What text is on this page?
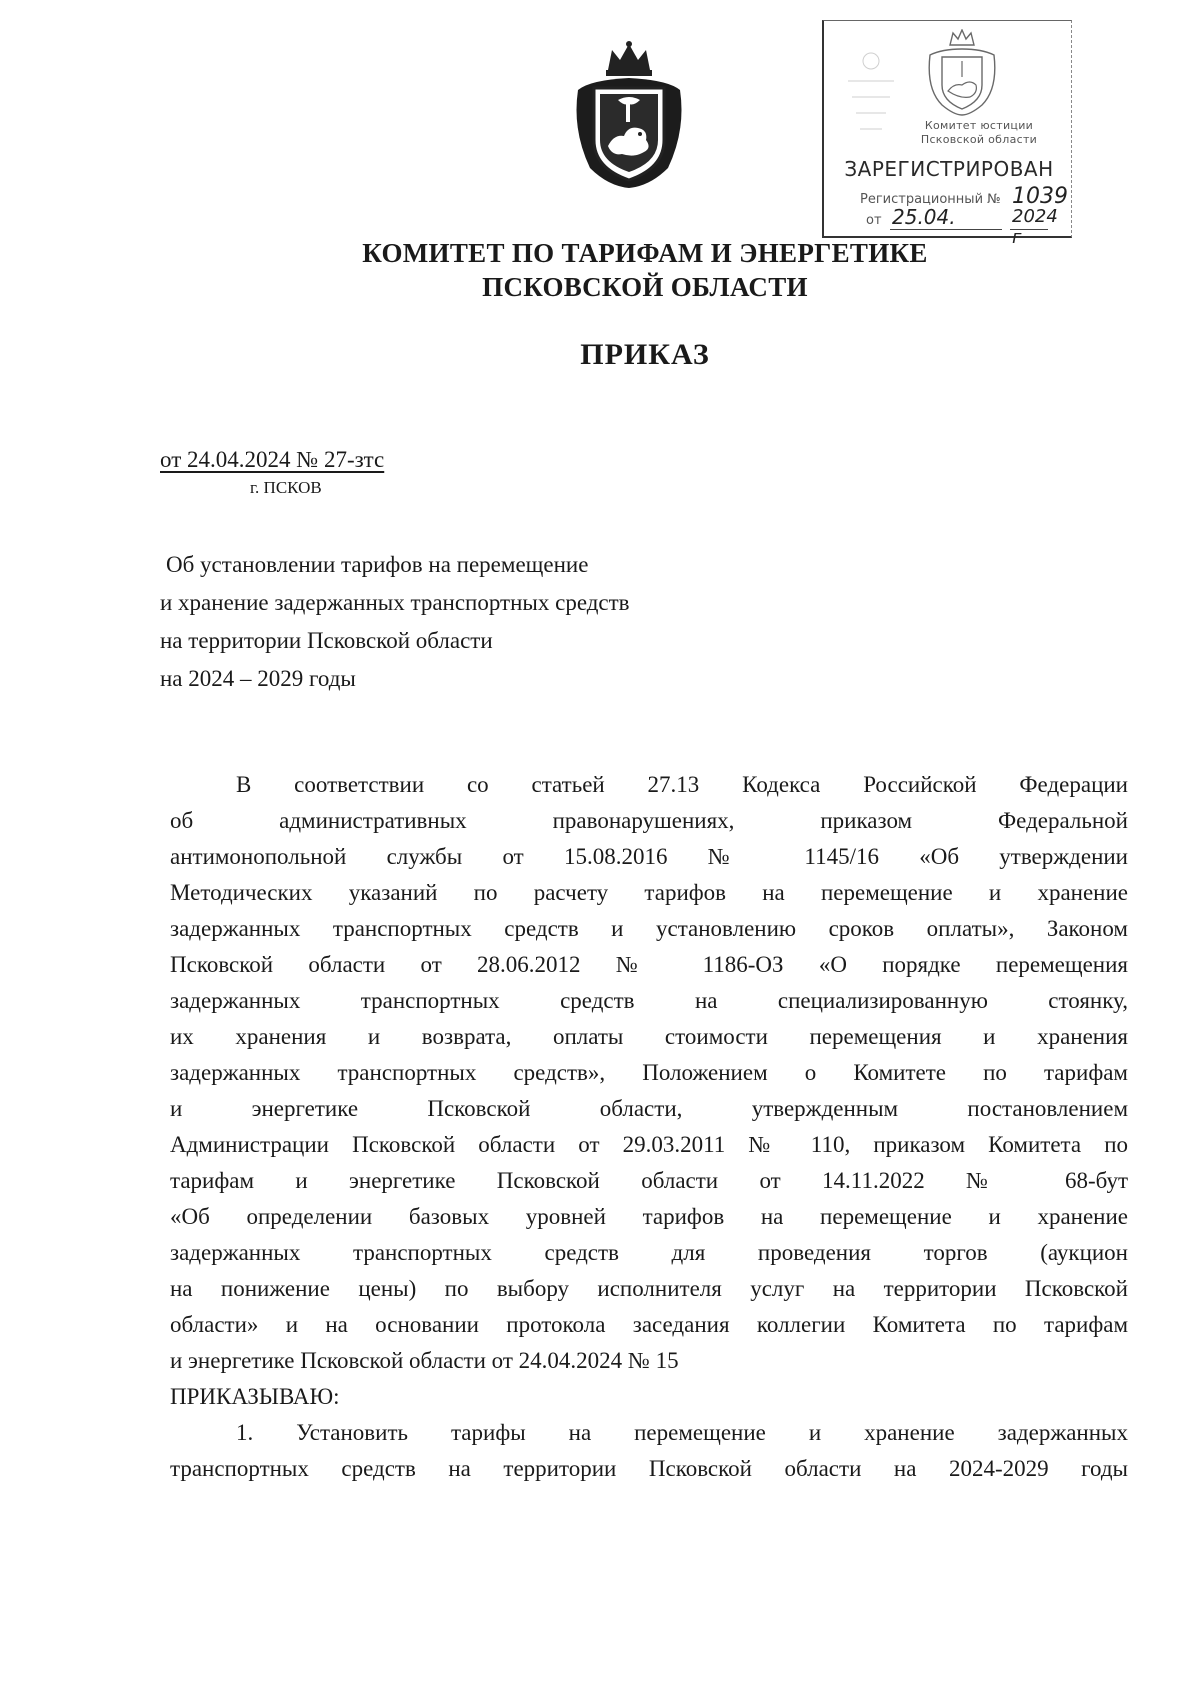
Комитет юстиции
Псковской области
ЗАРЕГИСТРИРОВАН
Регистрационный № 1039
от 25.04.	2024 г
КОМИТЕТ ПО ТАРИФАМ И ЭНЕРГЕТИКЕ
ПСКОВСКОЙ ОБЛАСТИ
ПРИКАЗ
от 24.04.2024 № 27-зтс
г. ПСКОВ
Об установлении тарифов на перемещение
и хранение задержанных транспортных средств
на территории Псковской области
на 2024 – 2029 годы
В соответствии со статьей 27.13 Кодекса Российской Федерации
об административных правонарушениях, приказом Федеральной
антимонопольной службы от 15.08.2016 № 1145/16 «Об утверждении
Методических указаний по расчету тарифов на перемещение и хранение
задержанных транспортных средств и установлению сроков оплаты», Законом
Псковской области от 28.06.2012 № 1186-ОЗ «О порядке перемещения
задержанных транспортных средств на специализированную стоянку,
их хранения и возврата, оплаты стоимости перемещения и хранения
задержанных транспортных средств», Положением о Комитете по тарифам
и энергетике Псковской области, утвержденным постановлением
Администрации Псковской области от 29.03.2011 № 110, приказом Комитета по
тарифам и энергетике Псковской области от 14.11.2022 № 68-бут
«Об определении базовых уровней тарифов на перемещение и хранение
задержанных транспортных средств для проведения торгов (аукцион
на понижение цены) по выбору исполнителя услуг на территории Псковской
области» и на основании протокола заседания коллегии Комитета по тарифам
и энергетике Псковской области от 24.04.2024 № 15
ПРИКАЗЫВАЮ:
1. Установить тарифы на перемещение и хранение задержанных
транспортных средств на территории Псковской области на 2024-2029 годы
